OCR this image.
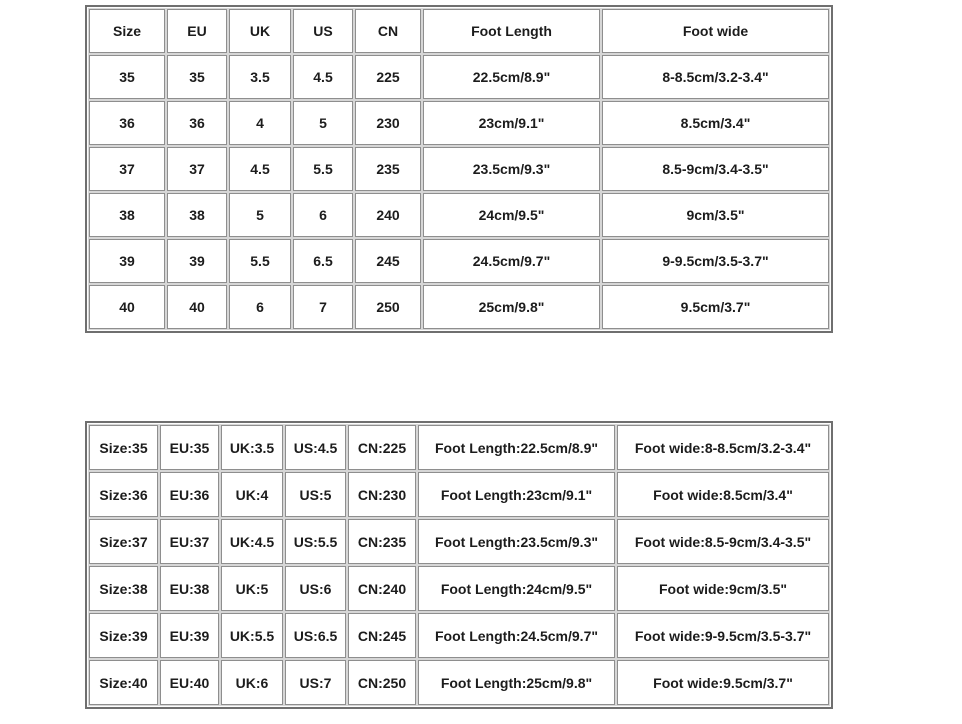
Size	EU	UK	US	CN	Foot Length	Foot wide
35	35	3.5	4.5	225	22.5cm/8.9"	8-8.5cm/3.2-3.4"
36	36	4	5	230	23cm/9.1"	8.5cm/3.4"
37	37	4.5	5.5	235	23.5cm/9.3"	8.5-9cm/3.4-3.5"
38	38	5	6	240	24cm/9.5"	9cm/3.5"
39	39	5.5	6.5	245	24.5cm/9.7"	9-9.5cm/3.5-3.7"
40	40	6	7	250	25cm/9.8"	9.5cm/3.7"
Size:35	EU:35	UK:3.5	US:4.5	CN:225	Foot Length:22.5cm/8.9"	Foot wide:8-8.5cm/3.2-3.4"
Size:36	EU:36	UK:4	US:5	CN:230	Foot Length:23cm/9.1"	Foot wide:8.5cm/3.4"
Size:37	EU:37	UK:4.5	US:5.5	CN:235	Foot Length:23.5cm/9.3"	Foot wide:8.5-9cm/3.4-3.5"
Size:38	EU:38	UK:5	US:6	CN:240	Foot Length:24cm/9.5"	Foot wide:9cm/3.5"
Size:39	EU:39	UK:5.5	US:6.5	CN:245	Foot Length:24.5cm/9.7"	Foot wide:9-9.5cm/3.5-3.7"
Size:40	EU:40	UK:6	US:7	CN:250	Foot Length:25cm/9.8"	Foot wide:9.5cm/3.7"
